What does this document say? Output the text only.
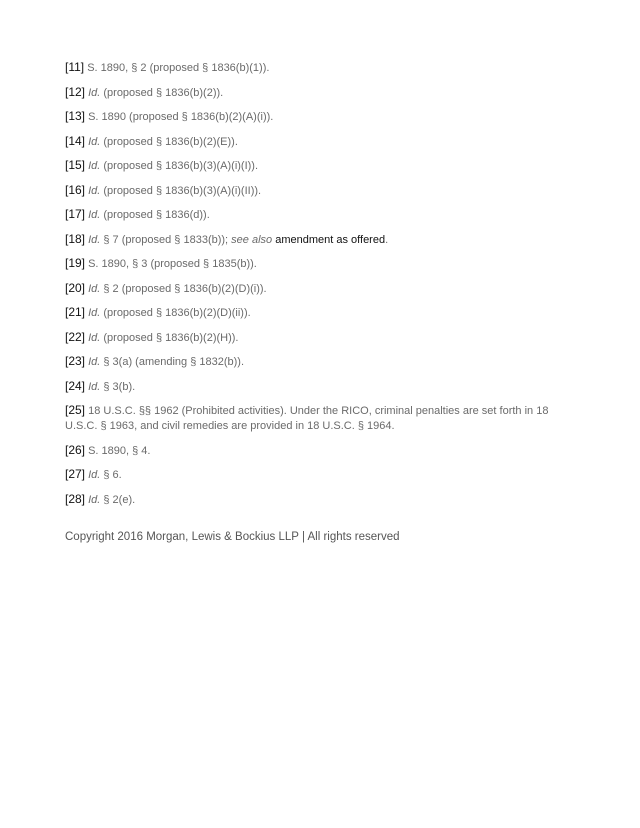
[11] S. 1890, § 2 (proposed § 1836(b)(1)).

[12] Id. (proposed § 1836(b)(2)).

[13] S. 1890 (proposed § 1836(b)(2)(A)(i)).

[14] Id. (proposed § 1836(b)(2)(E)).

[15] Id. (proposed § 1836(b)(3)(A)(i)(I)).

[16] Id. (proposed § 1836(b)(3)(A)(i)(II)).

[17] Id. (proposed § 1836(d)).

[18] Id. § 7 (proposed § 1833(b)); see also amendment as offered.

[19] S. 1890, § 3 (proposed § 1835(b)).

[20] Id. § 2 (proposed § 1836(b)(2)(D)(i)).

[21] Id. (proposed § 1836(b)(2)(D)(ii)).

[22] Id. (proposed § 1836(b)(2)(H)).

[23] Id. § 3(a) (amending § 1832(b)).

[24] Id. § 3(b).

[25] 18 U.S.C. §§ 1962 (Prohibited activities). Under the RICO, criminal penalties are set forth in 18 U.S.C. § 1963, and civil remedies are provided in 18 U.S.C. § 1964.

[26] S. 1890, § 4.

[27] Id. § 6.

[28] Id. § 2(e).

Copyright 2016 Morgan, Lewis & Bockius LLP | All rights reserved
